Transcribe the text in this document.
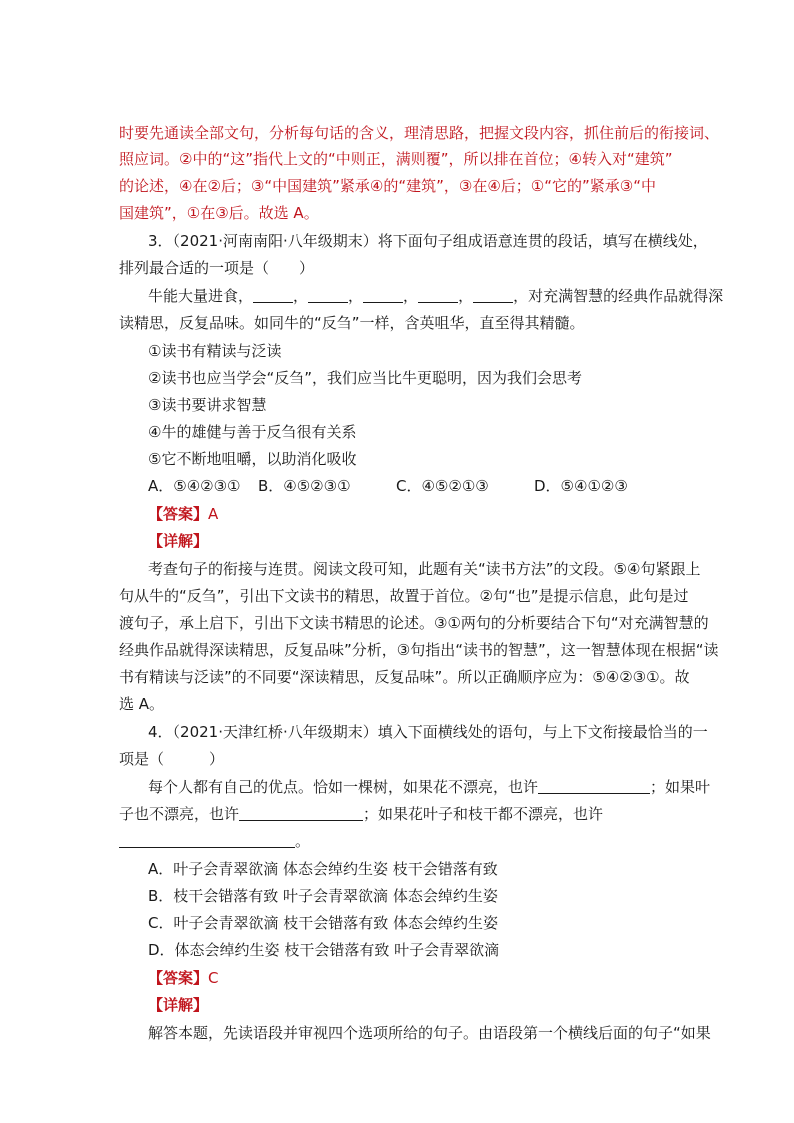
时要先通读全部文句，分析每句话的含义，理清思路，把握文段内容，抓住前后的衔接词、
照应词。②中的“这”指代上文的“中则正，满则覆”，所以排在首位；④转入对“建筑”
的论述，④在②后；③“中国建筑”紧承④的“建筑”，③在④后；①“它的”紧承③“中
国建筑”，①在③后。故选 A。
3．（2021·河南南阳·八年级期末）将下面句子组成语意连贯的段话，填写在横线处，
排列最合适的一项是（　　）
牛能大量进食，	，	，	，	，	，对充满智慧的经典作品就得深
读精思，反复品味。如同牛的“反刍”一样，含英咀华，直至得其精髓。
①读书有精读与泛读
②读书也应当学会“反刍”，我们应当比牛更聪明，因为我们会思考
③读书要讲求智慧
④牛的雄健与善于反刍很有关系
⑤它不断地咀嚼，以助消化吸收
A．⑤④②③① B．④⑤②③①	C．④⑤②①③	D．⑤④①②③
【答案】A
【详解】
考查句子的衔接与连贯。阅读文段可知，此题有关“读书方法”的文段。⑤④句紧跟上
句从牛的“反刍”，引出下文读书的精思，故置于首位。②句“也”是提示信息，此句是过
渡句子，承上启下，引出下文读书精思的论述。③①两句的分析要结合下句“对充满智慧的
经典作品就得深读精思，反复品味”分析，③句指出“读书的智慧”，这一智慧体现在根据“读
书有精读与泛读”的不同要“深读精思，反复品味”。所以正确顺序应为：⑤④②③①。故
选 A。
4．（2021·天津红桥·八年级期末）填入下面横线处的语句，与上下文衔接最恰当的一
项是（　　　）
每个人都有自己的优点。恰如一棵树，如果花不漂亮，也许	；如果叶
子也不漂亮，也许	；如果花叶子和枝干都不漂亮，也许
。
A．叶子会青翠欲滴 体态会绰约生姿 枝干会错落有致
B．枝干会错落有致 叶子会青翠欲滴 体态会绰约生姿
C．叶子会青翠欲滴 枝干会错落有致 体态会绰约生姿
D．体态会绰约生姿 枝干会错落有致 叶子会青翠欲滴
【答案】C
【详解】
解答本题，先读语段并审视四个选项所给的句子。由语段第一个横线后面的句子“如果
